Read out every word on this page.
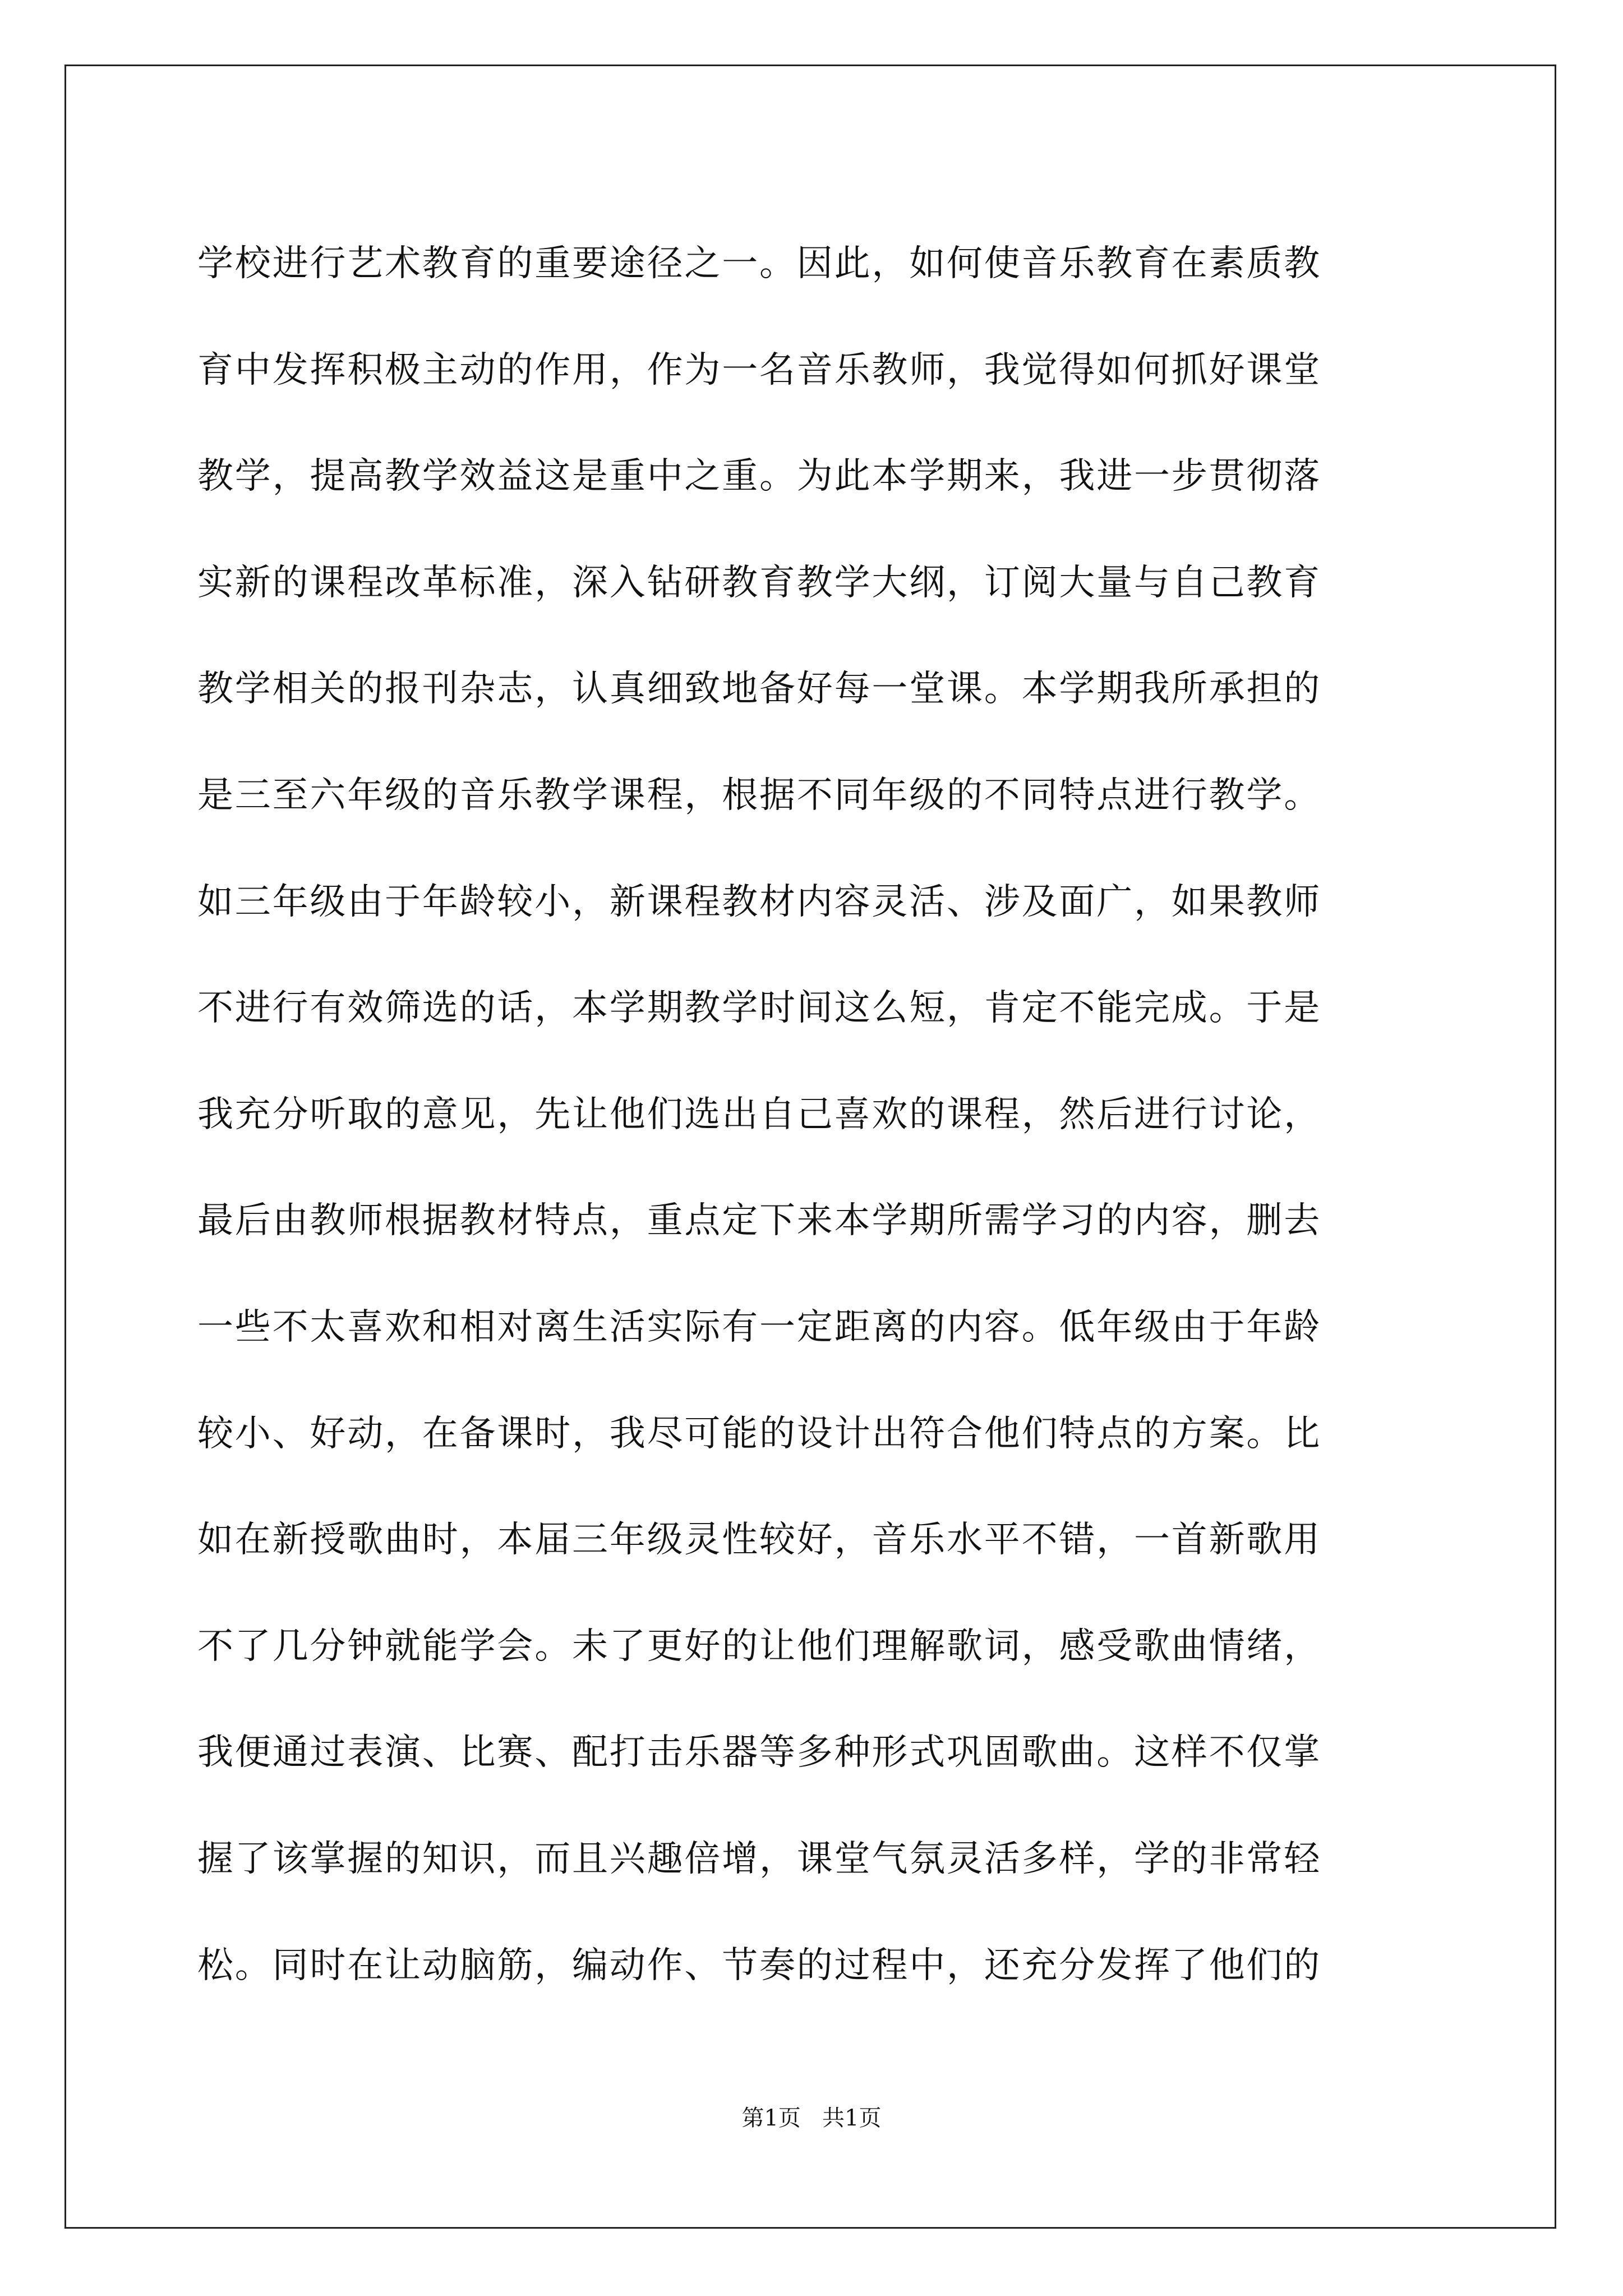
学校进行艺术教育的重要途径之一。因此，如何使音乐教育在素质教
育中发挥积极主动的作用，作为一名音乐教师，我觉得如何抓好课堂
教学，提高教学效益这是重中之重。为此本学期来，我进一步贯彻落
实新的课程改革标准，深入钻研教育教学大纲，订阅大量与自己教育
教学相关的报刊杂志，认真细致地备好每一堂课。本学期我所承担的
是三至六年级的音乐教学课程，根据不同年级的不同特点进行教学。
如三年级由于年龄较小，新课程教材内容灵活、涉及面广，如果教师
不进行有效筛选的话，本学期教学时间这么短，肯定不能完成。于是
我充分听取的意见，先让他们选出自己喜欢的课程，然后进行讨论，
最后由教师根据教材特点，重点定下来本学期所需学习的内容，删去
一些不太喜欢和相对离生活实际有一定距离的内容。低年级由于年龄
较小、好动，在备课时，我尽可能的设计出符合他们特点的方案。比
如在新授歌曲时，本届三年级灵性较好，音乐水平不错，一首新歌用
不了几分钟就能学会。未了更好的让他们理解歌词，感受歌曲情绪，
我便通过表演、比赛、配打击乐器等多种形式巩固歌曲。这样不仅掌
握了该掌握的知识，而且兴趣倍增，课堂气氛灵活多样，学的非常轻
松。同时在让动脑筋，编动作、节奏的过程中，还充分发挥了他们的
第1页   共1页
